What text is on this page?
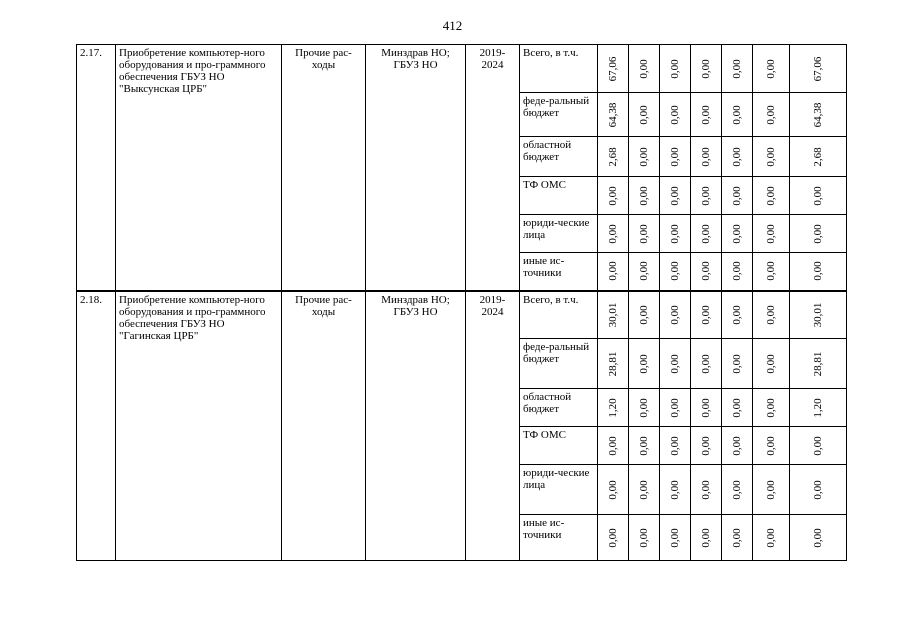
412
2.17.	Приобретение компьютер-ного оборудования и про-граммного обеспечения ГБУЗ НО "Выксунская ЦРБ"	Прочие рас-ходы	Минздрав НО; ГБУЗ НО	2019-2024	Всего, в т.ч.	67,06	0,00	0,00	0,00	0,00	0,00	67,06

					феде-ральный бюджет	64,38	0,00	0,00	0,00	0,00	0,00	64,38

					областной бюджет	2,68	0,00	0,00	0,00	0,00	0,00	2,68

					ТФ ОМС	0,00	0,00	0,00	0,00	0,00	0,00	0,00

					юриди-ческие лица	0,00	0,00	0,00	0,00	0,00	0,00	0,00

					иные ис-точники	0,00	0,00	0,00	0,00	0,00	0,00	0,00

2.18.	Приобретение компьютер-ного оборудования и про-граммного обеспечения ГБУЗ НО "Гагинская ЦРБ"	Прочие рас-ходы	Минздрав НО; ГБУЗ НО	2019-2024	Всего, в т.ч.	30,01	0,00	0,00	0,00	0,00	0,00	30,01

					феде-ральный бюджет	28,81	0,00	0,00	0,00	0,00	0,00	28,81

					областной бюджет	1,20	0,00	0,00	0,00	0,00	0,00	1,20

					ТФ ОМС	0,00	0,00	0,00	0,00	0,00	0,00	0,00

					юриди-ческие лица	0,00	0,00	0,00	0,00	0,00	0,00	0,00

					иные ис-точники	0,00	0,00	0,00	0,00	0,00	0,00	0,00
